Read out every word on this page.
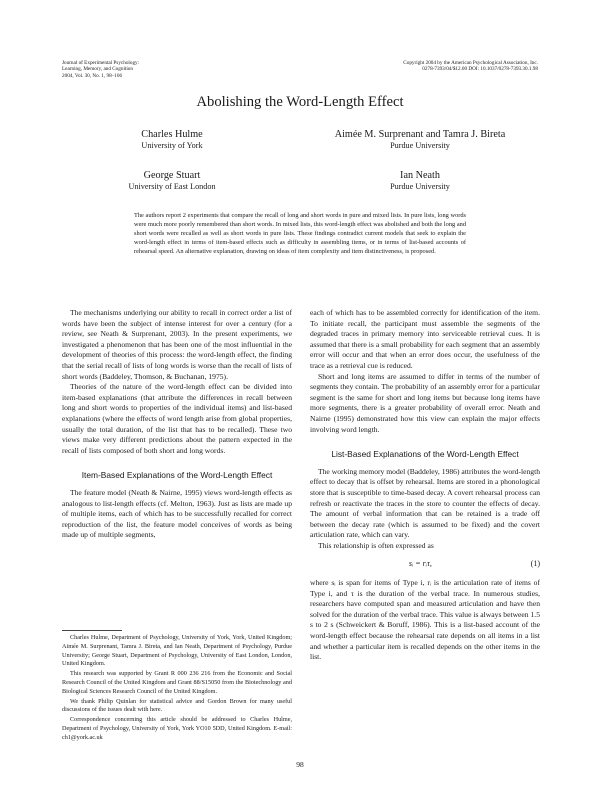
Journal of Experimental Psychology:
Learning, Memory, and Cognition
2004, Vol. 30, No. 1, 98–106
Copyright 2004 by the American Psychological Association, Inc.
0278-7393/04/$12.00 DOI: 10.1037/0278-7393.30.1.98
Abolishing the Word-Length Effect
Charles Hulme
University of York
Aimée M. Surprenant and Tamra J. Bireta
Purdue University
George Stuart
University of East London
Ian Neath
Purdue University
The authors report 2 experiments that compare the recall of long and short words in pure and mixed lists. In pure lists, long words were much more poorly remembered than short words. In mixed lists, this word-length effect was abolished and both the long and short words were recalled as well as short words in pure lists. These findings contradict current models that seek to explain the word-length effect in terms of item-based effects such as difficulty in assembling items, or in terms of list-based accounts of rehearsal speed. An alternative explanation, drawing on ideas of item complexity and item distinctiveness, is proposed.

The mechanisms underlying our ability to recall in correct order a list of words have been the subject of intense interest for over a century (for a review, see Neath & Surprenant, 2003). In the present experiments, we investigated a phenomenon that has been one of the most influential in the development of theories of this process: the word-length effect, the finding that the serial recall of lists of long words is worse than the recall of lists of short words (Baddeley, Thomson, & Buchanan, 1975).

Theories of the nature of the word-length effect can be divided into item-based explanations (that attribute the differences in recall between long and short words to properties of the individual items) and list-based explanations (where the effects of word length arise from global properties, usually the total duration, of the list that has to be recalled). These two views make very different predictions about the pattern expected in the recall of lists composed of both short and long words.

Item-Based Explanations of the Word-Length Effect

The feature model (Neath & Nairne, 1995) views word-length effects as analogous to list-length effects (cf. Melton, 1963). Just as lists are made up of multiple items, each of which has to be successfully recalled for correct reproduction of the list, the feature model conceives of words as being made up of multiple segments,

Charles Hulme, Department of Psychology, University of York, York, United Kingdom; Aimée M. Surprenant, Tamra J. Bireta, and Ian Neath, Department of Psychology, Purdue University; George Stuart, Department of Psychology, University of East London, London, United Kingdom.

This research was supported by Grant R 000 236 216 from the Economic and Social Research Council of the United Kingdom and Grant 88/S15050 from the Biotechnology and Biological Sciences Research Council of the United Kingdom.

We thank Philip Quinlan for statistical advice and Gordon Brown for many useful discussions of the issues dealt with here.

Correspondence concerning this article should be addressed to Charles Hulme, Department of Psychology, University of York, York YO10 5DD, United Kingdom. E-mail: ch1@york.ac.uk

each of which has to be assembled correctly for identification of the item. To initiate recall, the participant must assemble the segments of the degraded traces in primary memory into serviceable retrieval cues. It is assumed that there is a small probability for each segment that an assembly error will occur and that when an error does occur, the usefulness of the trace as a retrieval cue is reduced.

Short and long items are assumed to differ in terms of the number of segments they contain. The probability of an assembly error for a particular segment is the same for short and long items but because long items have more segments, there is a greater probability of overall error. Neath and Nairne (1995) demonstrated how this view can explain the major effects involving word length.

List-Based Explanations of the Word-Length Effect

The working memory model (Baddeley, 1986) attributes the word-length effect to decay that is offset by rehearsal. Items are stored in a phonological store that is susceptible to time-based decay. A covert rehearsal process can refresh or reactivate the traces in the store to counter the effects of decay. The amount of verbal information that can be retained is a trade off between the decay rate (which is assumed to be fixed) and the covert articulation rate, which can vary.

This relationship is often expressed as

sᵢ = rᵢτ,	(1)

where sᵢ is span for items of Type i, rᵢ is the articulation rate of items of Type i, and τ is the duration of the verbal trace. In numerous studies, researchers have computed span and measured articulation and have then solved for the duration of the verbal trace. This value is always between 1.5 s to 2 s (Schweickert & Boruff, 1986). This is a list-based account of the word-length effect because the rehearsal rate depends on all items in a list and whether a particular item is recalled depends on the other items in the list.

98
